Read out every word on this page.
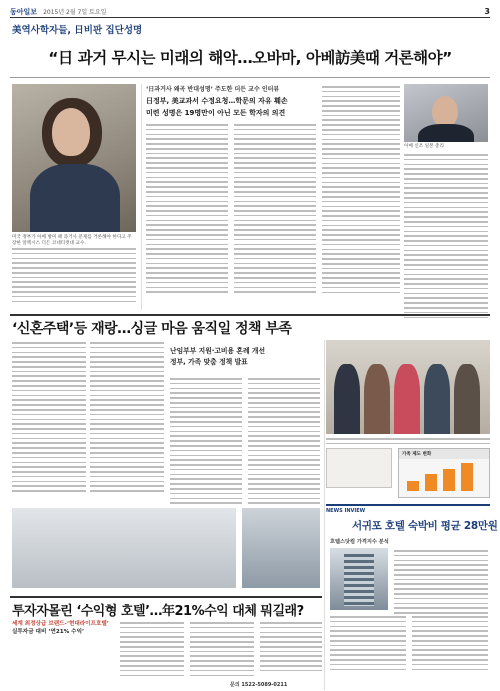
동아일보 2015년 2월 7일 토요일	3
美역사학자들, 日비판 집단성명
“日 과거 무시는 미래의 해악…오바마, 아베訪美때 거론해야”
미국 정부가 아베 방미 때 과거사 문제를 거론해야 한다고 주장한 알렉시스 더든 코네티컷대 교수.
‘日과거사 왜곡 반대성명’ 주도한 더든 교수 인터뷰
日정부, 美교과서 수정요청…학문의 자유 훼손
미련 성명은 19명만이 아닌 모든 학자의 의견
아베 신조 일본 총리
‘신혼주택’등 재랑…싱글 마음 움직일 정책 부족
난임부부 지원·고비용 혼례 개선
정부, 가족 맞춤 정책 발표
가족 제도 변화
투자자몰린 ‘수익형 호텔’…年21%수익 대체 뭐길래?
세계 최정상급 브랜드-‘현대라이프호텔’
실투자금 대비 ‘연21% 수익’
문의 1522-5089-0211
NEWS INVIEW
서귀포 호텔 숙박비 평균 28만원
호텔스닷컴 가격지수 분석
